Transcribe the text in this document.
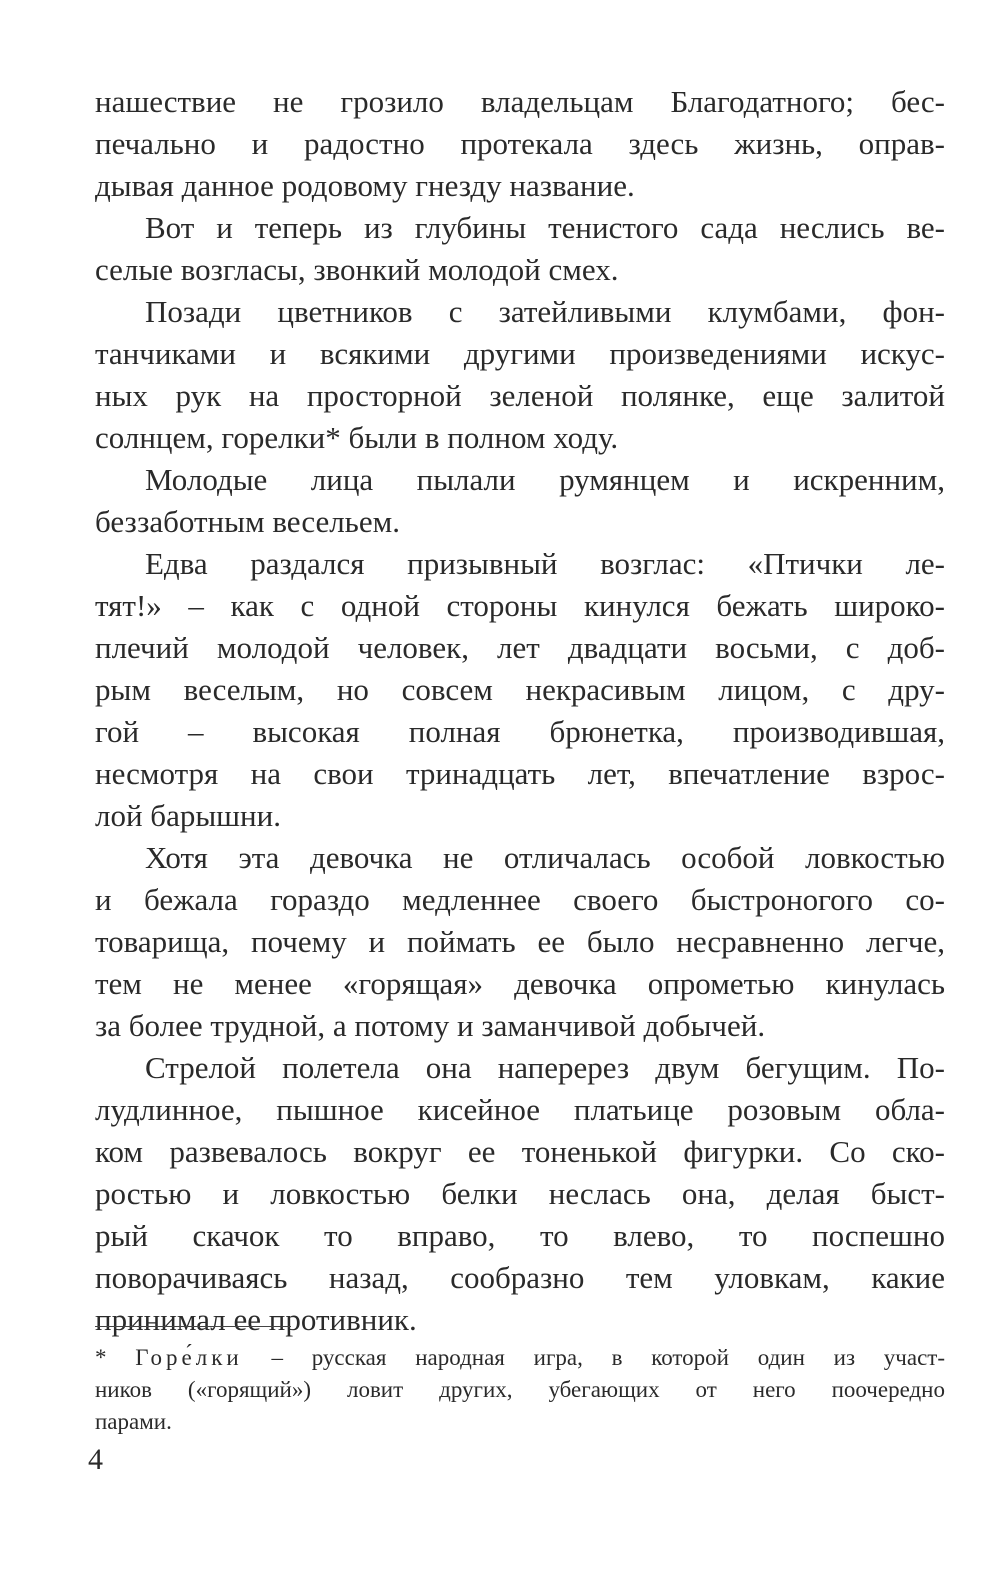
нашествие не грозило владельцам Благодатного; бес-
печально и радостно протекала здесь жизнь, оправ-
дывая данное родовому гнезду название.
Вот и теперь из глубины тенистого сада неслись ве-
селые возгласы, звонкий молодой смех.
Позади цветников с затейливыми клумбами, фон-
танчиками и всякими другими произведениями искус-
ных рук на просторной зеленой полянке, еще залитой
солнцем, горелки* были в полном ходу.
Молодые лица пылали румянцем и искренним,
беззаботным весельем.
Едва раздался призывный возглас: «Птички ле-
тят!» – как с одной стороны кинулся бежать широко-
плечий молодой человек, лет двадцати восьми, с доб-
рым веселым, но совсем некрасивым лицом, с дру-
гой – высокая полная брюнетка, производившая,
несмотря на свои тринадцать лет, впечатление взрос-
лой барышни.
Хотя эта девочка не отличалась особой ловкостью
и бежала гораздо медленнее своего быстроногого со-
товарища, почему и поймать ее было несравненно легче,
тем не менее «горящая» девочка опрометью кинулась
за более трудной, а потому и заманчивой добычей.
Стрелой полетела она наперерез двум бегущим. По-
лудлинное, пышное кисейное платьице розовым обла-
ком развевалось вокруг ее тоненькой фигурки. Со ско-
ростью и ловкостью белки неслась она, делая быст-
рый скачок то вправо, то влево, то поспешно
поворачиваясь назад, сообразно тем уловкам, какие
принимал ее противник.
* Горе́лки – русская народная игра, в которой один из участ-
ников («горящий») ловит других, убегающих от него поочередно
парами.
4
